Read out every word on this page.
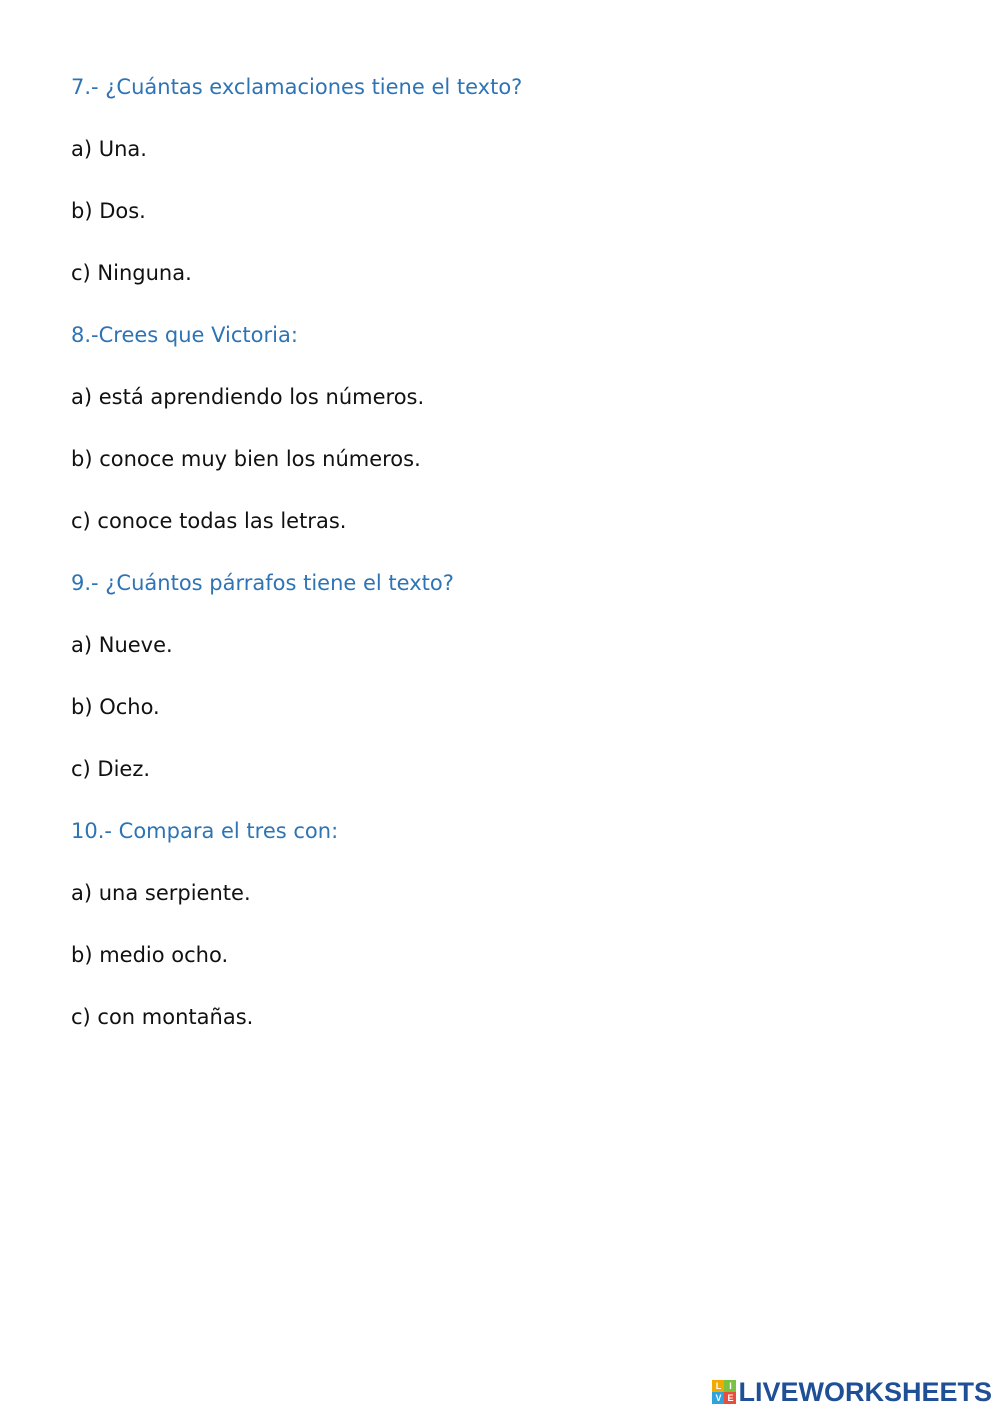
7.- ¿Cuántas exclamaciones tiene el texto?
a) Una.
b) Dos.
c) Ninguna.
8.-Crees que Victoria:
a) está aprendiendo los números.
b) conoce muy bien los números.
c) conoce todas las letras.
9.- ¿Cuántos párrafos tiene el texto?
a) Nueve.
b) Ocho.
c) Diez.
10.- Compara el tres con:
a) una serpiente.
b) medio ocho.
c) con montañas.
L I
V E LIVEWORKSHEETS
